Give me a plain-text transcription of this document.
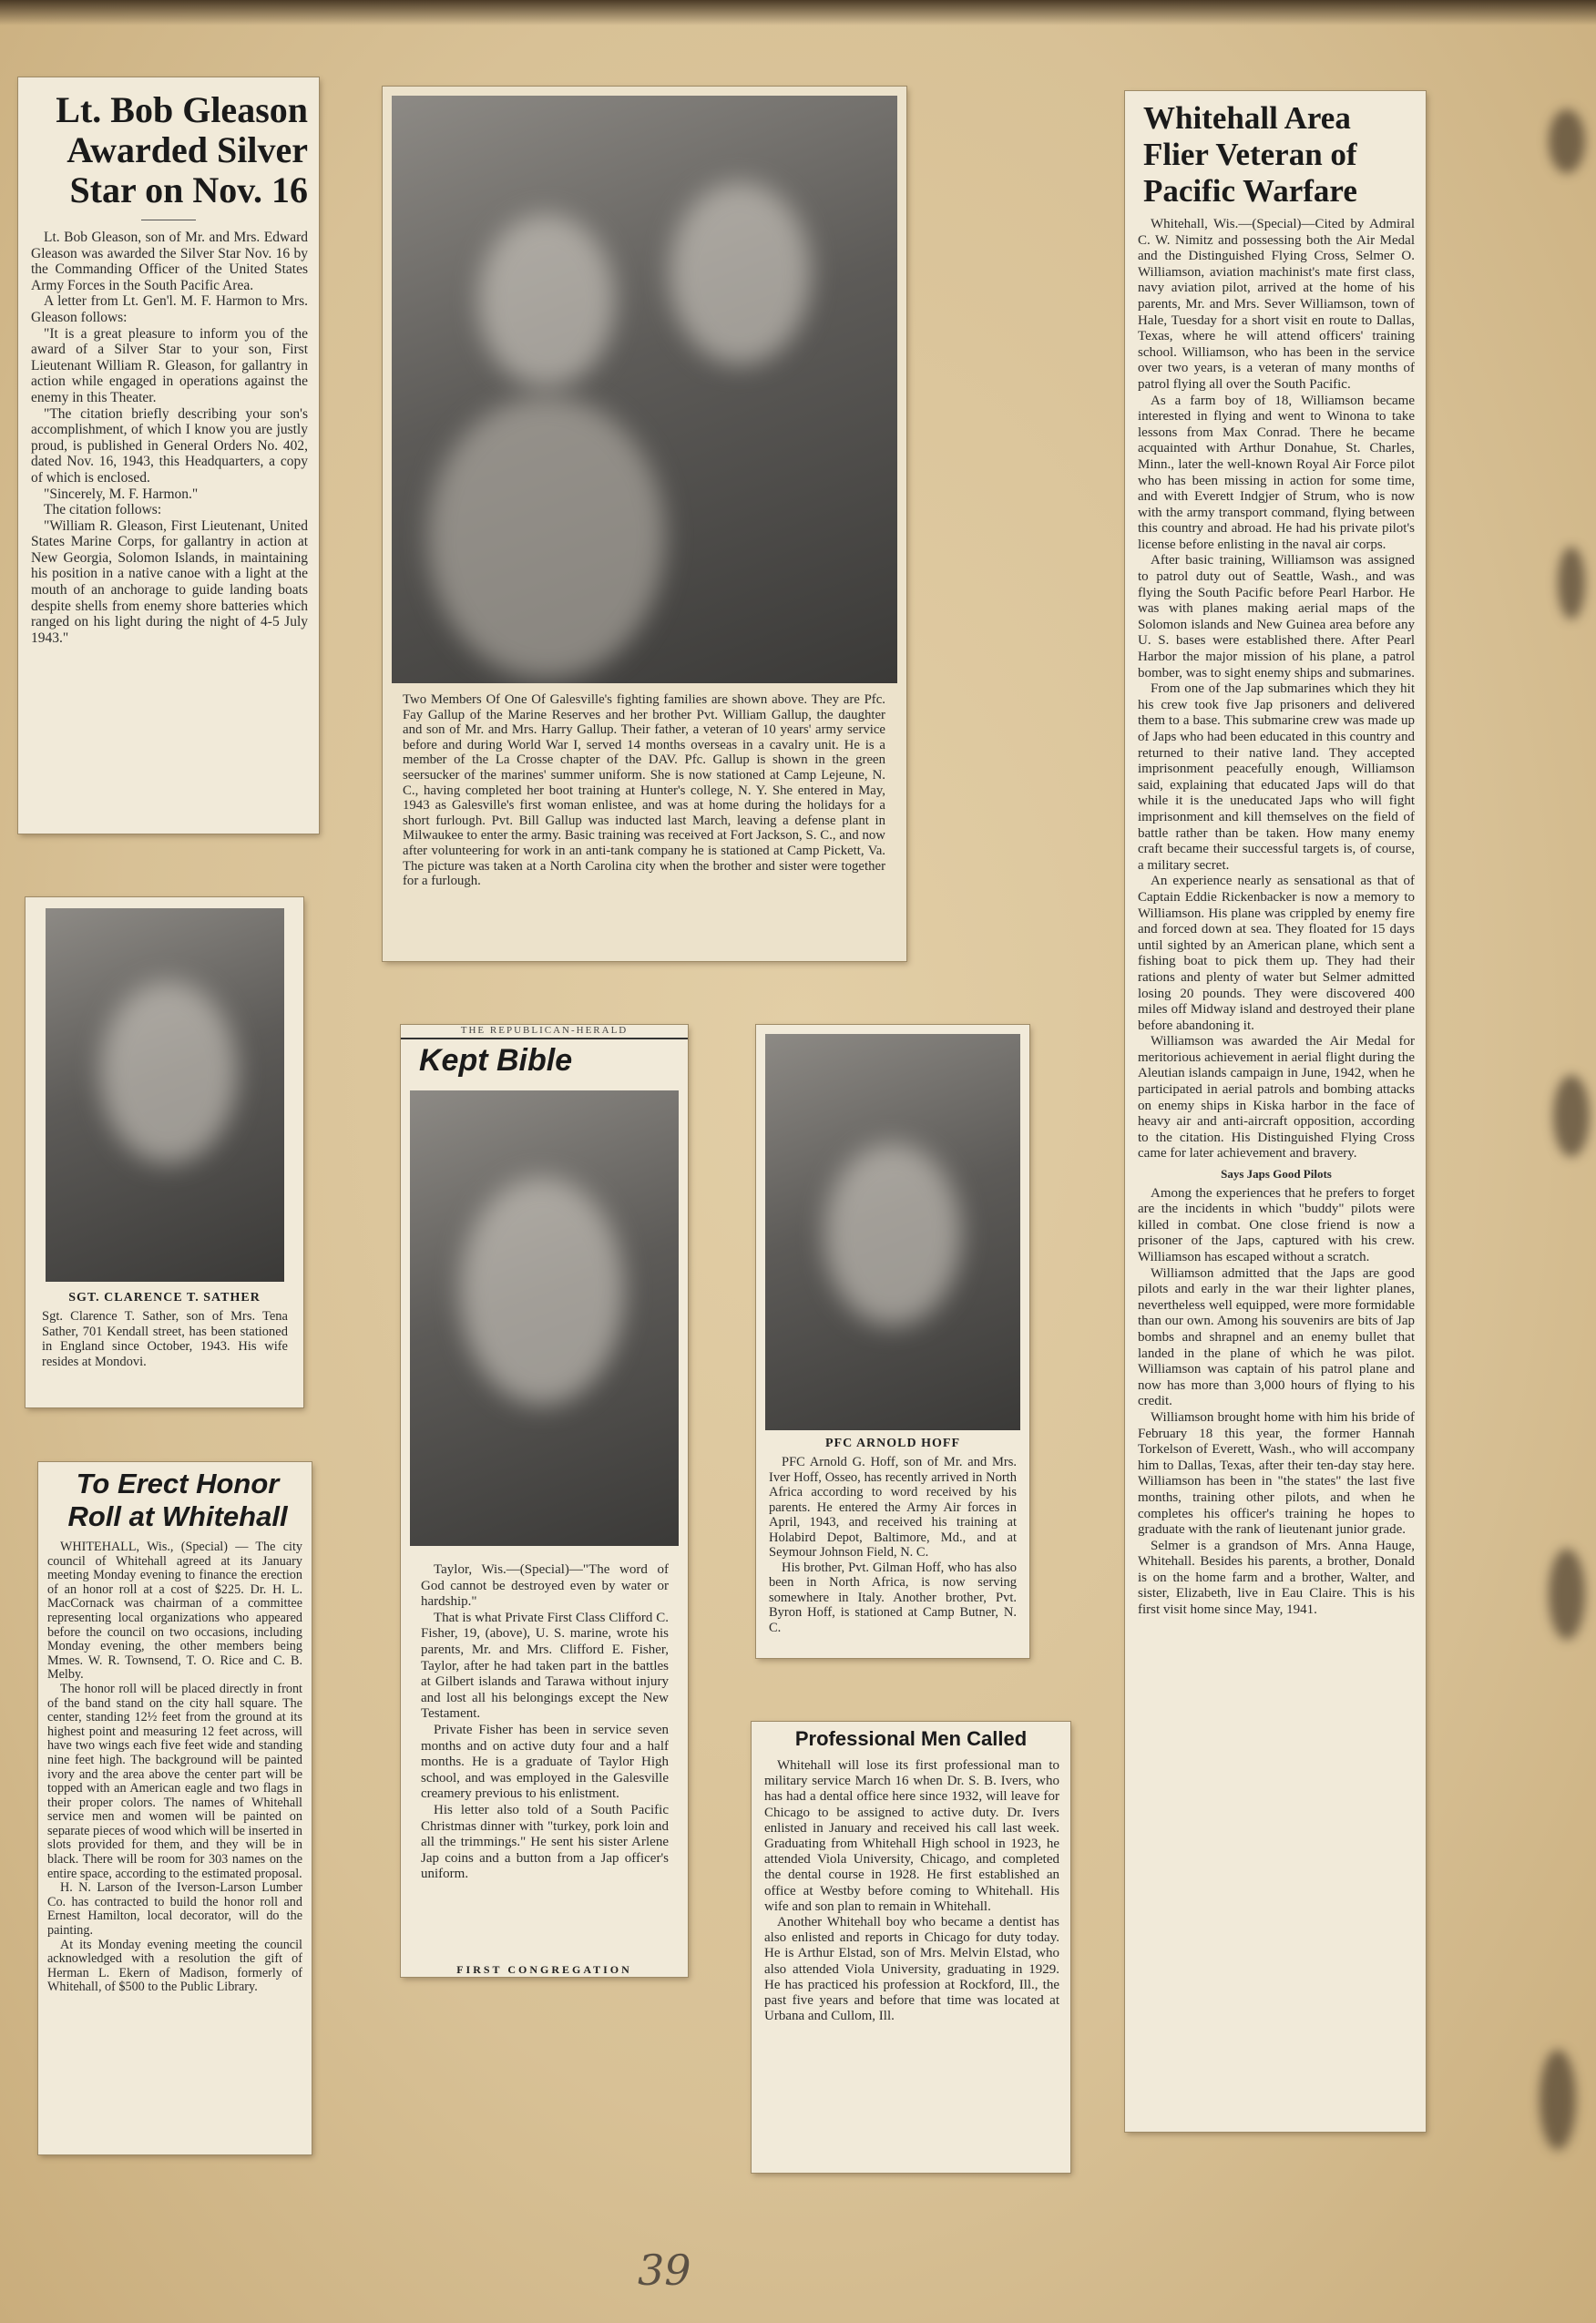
Lt. Bob Gleason Awarded Silver Star on Nov. 16

Lt. Bob Gleason, son of Mr. and Mrs. Edward Gleason was awarded the Silver Star Nov. 16 by the Commanding Officer of the United States Army Forces in the South Pacific Area.

A letter from Lt. Gen'l. M. F. Harmon to Mrs. Gleason follows:

"It is a great pleasure to inform you of the award of a Silver Star to your son, First Lieutenant William R. Gleason, for gallantry in action while engaged in operations against the enemy in this Theater.

"The citation briefly describing your son's accomplishment, of which I know you are justly proud, is published in General Orders No. 402, dated Nov. 16, 1943, this Headquarters, a copy of which is enclosed.

"Sincerely, M. F. Harmon."

The citation follows:

"William R. Gleason, First Lieutenant, United States Marine Corps, for gallantry in action at New Georgia, Solomon Islands, in maintaining his position in a native canoe with a light at the mouth of an anchorage to guide landing boats despite shells from enemy shore batteries which ranged on his light during the night of 4-5 July 1943."

Two Members Of One Of Galesville's fighting families are shown above. They are Pfc. Fay Gallup of the Marine Reserves and her brother Pvt. William Gallup, the daughter and son of Mr. and Mrs. Harry Gallup. Their father, a veteran of 10 years' army service before and during World War I, served 14 months overseas in a cavalry unit. He is a member of the La Crosse chapter of the DAV. Pfc. Gallup is shown in the green seersucker of the marines' summer uniform. She is now stationed at Camp Lejeune, N. C., having completed her boot training at Hunter's college, N. Y. She entered in May, 1943 as Galesville's first woman enlistee, and was at home during the holidays for a short furlough. Pvt. Bill Gallup was inducted last March, leaving a defense plant in Milwaukee to enter the army. Basic training was received at Fort Jackson, S. C., and now after volunteering for work in an anti-tank company he is stationed at Camp Pickett, Va. The picture was taken at a North Carolina city when the brother and sister were together for a furlough.
SGT. CLARENCE T. SATHER
Sgt. Clarence T. Sather, son of Mrs. Tena Sather, 701 Kendall street, has been stationed in England since October, 1943. His wife resides at Mondovi.
To Erect Honor Roll at Whitehall

WHITEHALL, Wis., (Special) — The city council of Whitehall agreed at its January meeting Monday evening to finance the erection of an honor roll at a cost of $225. Dr. H. L. MacCornack was chairman of a committee representing local organizations who appeared before the council on two occasions, including Monday evening, the other members being Mmes. W. R. Townsend, T. O. Rice and C. B. Melby.

The honor roll will be placed directly in front of the band stand on the city hall square. The center, standing 12½ feet from the ground at its highest point and measuring 12 feet across, will have two wings each five feet wide and standing nine feet high. The background will be painted ivory and the area above the center part will be topped with an American eagle and two flags in their proper colors. The names of Whitehall service men and women will be painted on separate pieces of wood which will be inserted in slots provided for them, and they will be in black. There will be room for 303 names on the entire space, according to the estimated proposal.

H. N. Larson of the Iverson-Larson Lumber Co. has contracted to build the honor roll and Ernest Hamilton, local decorator, will do the painting.

At its Monday evening meeting the council acknowledged with a resolution the gift of Herman L. Ekern of Madison, formerly of Whitehall, of $500 to the Public Library.

THE REPUBLICAN-HERALD
Kept Bible

Taylor, Wis.—(Special)—"The word of God cannot be destroyed even by water or hardship."

That is what Private First Class Clifford C. Fisher, 19, (above), U. S. marine, wrote his parents, Mr. and Mrs. Clifford E. Fisher, Taylor, after he had taken part in the battles at Gilbert islands and Tarawa without injury and lost all his belongings except the New Testament.

Private Fisher has been in service seven months and on active duty four and a half months. He is a graduate of Taylor High school, and was employed in the Galesville creamery previous to his enlistment.

His letter also told of a South Pacific Christmas dinner with "turkey, pork loin and all the trimmings." He sent his sister Arlene Jap coins and a button from a Jap officer's uniform.

FIRST CONGREGATION
PFC ARNOLD HOFF
PFC Arnold G. Hoff, son of Mr. and Mrs. Iver Hoff, Osseo, has recently arrived in North Africa according to word received by his parents. He entered the Army Air forces in April, 1943, and received his training at Holabird Depot, Baltimore, Md., and at Seymour Johnson Field, N. C.
His brother, Pvt. Gilman Hoff, who has also been in North Africa, is now serving somewhere in Italy. Another brother, Pvt. Byron Hoff, is stationed at Camp Butner, N. C.
Professional Men Called

Whitehall will lose its first professional man to military service March 16 when Dr. S. B. Ivers, who has had a dental office here since 1932, will leave for Chicago to be assigned to active duty. Dr. Ivers enlisted in January and received his call last week. Graduating from Whitehall High school in 1923, he attended Viola University, Chicago, and completed the dental course in 1928. He first established an office at Westby before coming to Whitehall. His wife and son plan to remain in Whitehall.

Another Whitehall boy who became a dentist has also enlisted and reports in Chicago for duty today. He is Arthur Elstad, son of Mrs. Melvin Elstad, who also attended Viola University, graduating in 1929. He has practiced his profession at Rockford, Ill., the past five years and before that time was located at Urbana and Cullom, Ill.

Whitehall Area Flier Veteran of Pacific Warfare

Whitehall, Wis.—(Special)—Cited by Admiral C. W. Nimitz and possessing both the Air Medal and the Distinguished Flying Cross, Selmer O. Williamson, aviation machinist's mate first class, navy aviation pilot, arrived at the home of his parents, Mr. and Mrs. Sever Williamson, town of Hale, Tuesday for a short visit en route to Dallas, Texas, where he will attend officers' training school. Williamson, who has been in the service over two years, is a veteran of many months of patrol flying all over the South Pacific.

As a farm boy of 18, Williamson became interested in flying and went to Winona to take lessons from Max Conrad. There he became acquainted with Arthur Donahue, St. Charles, Minn., later the well-known Royal Air Force pilot who has been missing in action for some time, and with Everett Indgjer of Strum, who is now with the army transport command, flying between this country and abroad. He had his private pilot's license before enlisting in the naval air corps.

After basic training, Williamson was assigned to patrol duty out of Seattle, Wash., and was flying the South Pacific before Pearl Harbor. He was with planes making aerial maps of the Solomon islands and New Guinea area before any U. S. bases were established there. After Pearl Harbor the major mission of his plane, a patrol bomber, was to sight enemy ships and submarines.

From one of the Jap submarines which they hit his crew took five Jap prisoners and delivered them to a base. This submarine crew was made up of Japs who had been educated in this country and returned to their native land. They accepted imprisonment peacefully enough, Williamson said, explaining that educated Japs will do that while it is the uneducated Japs who will fight imprisonment and kill themselves on the field of battle rather than be taken. How many enemy craft became their successful targets is, of course, a military secret.

An experience nearly as sensational as that of Captain Eddie Rickenbacker is now a memory to Williamson. His plane was crippled by enemy fire and forced down at sea. They floated for 15 days until sighted by an American plane, which sent a fishing boat to pick them up. They had their rations and plenty of water but Selmer admitted losing 20 pounds. They were discovered 400 miles off Midway island and destroyed their plane before abandoning it.

Williamson was awarded the Air Medal for meritorious achievement in aerial flight during the Aleutian islands campaign in June, 1942, when he participated in aerial patrols and bombing attacks on enemy ships in Kiska harbor in the face of heavy air and anti-aircraft opposition, according to the citation. His Distinguished Flying Cross came for later achievement and bravery.

Says Japs Good Pilots

Among the experiences that he prefers to forget are the incidents in which "buddy" pilots were killed in combat. One close friend is now a prisoner of the Japs, captured with his crew. Williamson has escaped without a scratch.

Williamson admitted that the Japs are good pilots and early in the war their lighter planes, nevertheless well equipped, were more formidable than our own. Among his souvenirs are bits of Jap bombs and shrapnel and an enemy bullet that landed in the plane of which he was pilot. Williamson was captain of his patrol plane and now has more than 3,000 hours of flying to his credit.

Williamson brought home with him his bride of February 18 this year, the former Hannah Torkelson of Everett, Wash., who will accompany him to Dallas, Texas, after their ten-day stay here. Williamson has been in "the states" the last five months, training other pilots, and when he completes his officer's training he hopes to graduate with the rank of lieutenant junior grade.

Selmer is a grandson of Mrs. Anna Hauge, Whitehall. Besides his parents, a brother, Donald is on the home farm and a brother, Walter, and sister, Elizabeth, live in Eau Claire. This is his first visit home since May, 1941.

39
